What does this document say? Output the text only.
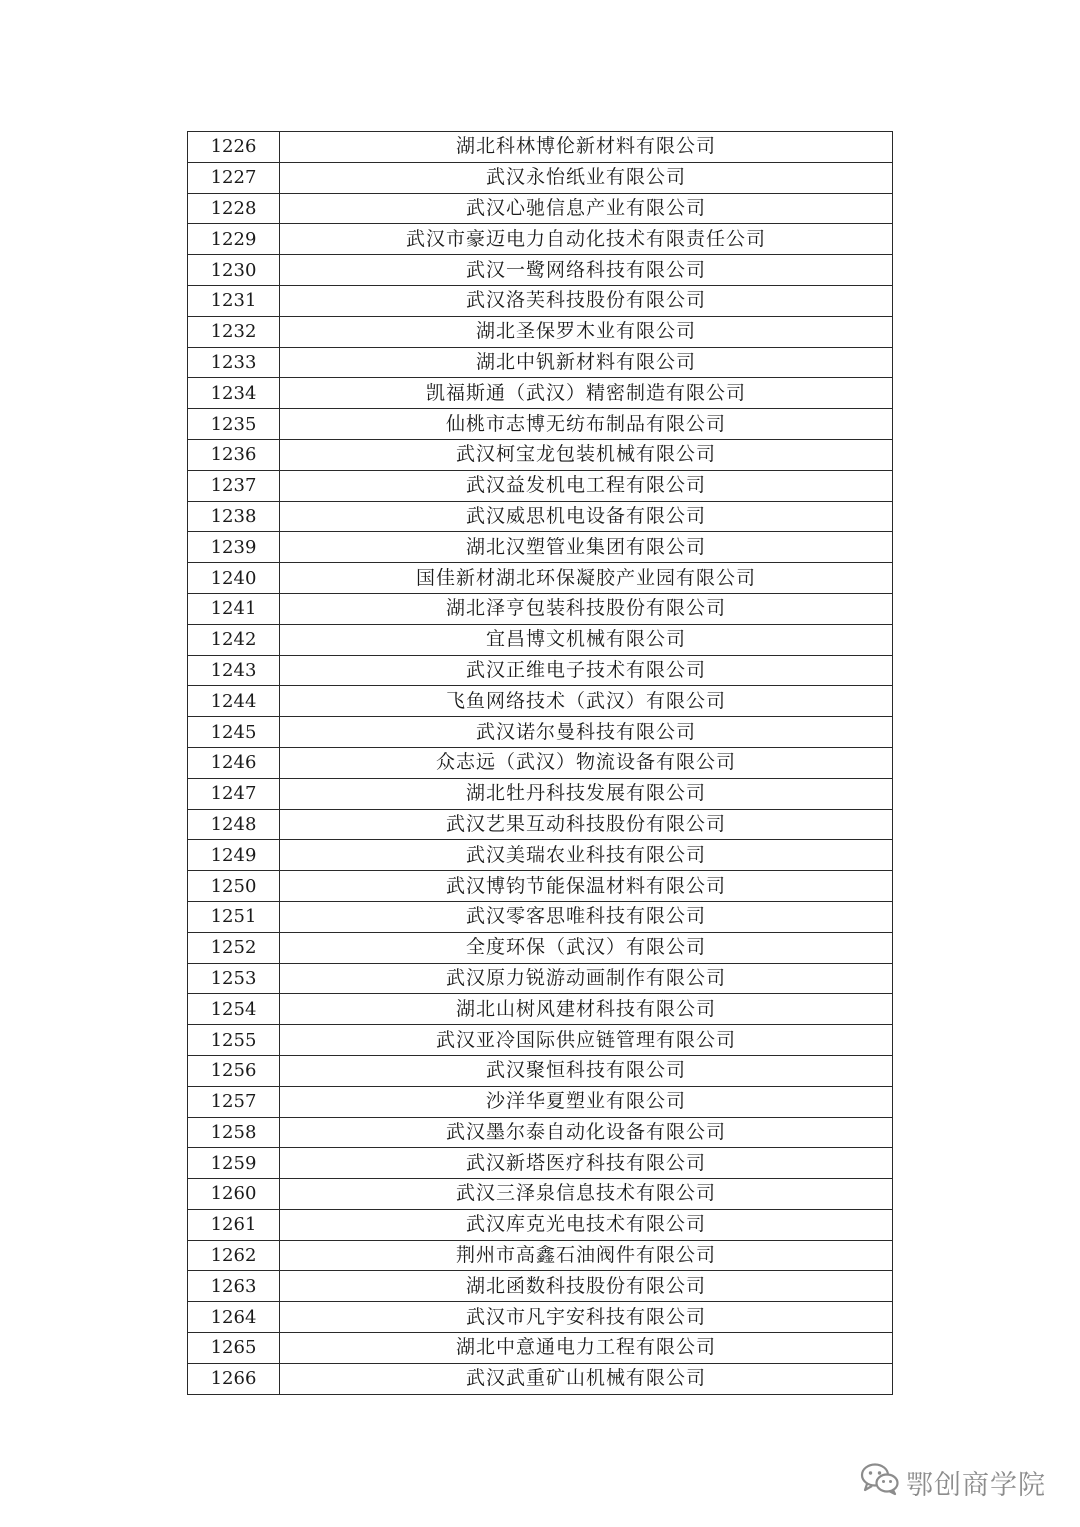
1226	湖北科林博伦新材料有限公司
1227	武汉永怡纸业有限公司
1228	武汉心驰信息产业有限公司
1229	武汉市豪迈电力自动化技术有限责任公司
1230	武汉一鹭网络科技有限公司
1231	武汉洛芙科技股份有限公司
1232	湖北圣保罗木业有限公司
1233	湖北中钒新材料有限公司
1234	凯福斯通（武汉）精密制造有限公司
1235	仙桃市志博无纺布制品有限公司
1236	武汉柯宝龙包装机械有限公司
1237	武汉益发机电工程有限公司
1238	武汉威思机电设备有限公司
1239	湖北汉塑管业集团有限公司
1240	国佳新材湖北环保凝胶产业园有限公司
1241	湖北泽亨包装科技股份有限公司
1242	宜昌博文机械有限公司
1243	武汉正维电子技术有限公司
1244	飞鱼网络技术（武汉）有限公司
1245	武汉诺尔曼科技有限公司
1246	众志远（武汉）物流设备有限公司
1247	湖北牡丹科技发展有限公司
1248	武汉艺果互动科技股份有限公司
1249	武汉美瑞农业科技有限公司
1250	武汉博钧节能保温材料有限公司
1251	武汉零客思唯科技有限公司
1252	全度环保（武汉）有限公司
1253	武汉原力锐游动画制作有限公司
1254	湖北山树风建材科技有限公司
1255	武汉亚冷国际供应链管理有限公司
1256	武汉聚恒科技有限公司
1257	沙洋华夏塑业有限公司
1258	武汉墨尔泰自动化设备有限公司
1259	武汉新塔医疗科技有限公司
1260	武汉三泽泉信息技术有限公司
1261	武汉库克光电技术有限公司
1262	荆州市高鑫石油阀件有限公司
1263	湖北函数科技股份有限公司
1264	武汉市凡宇安科技有限公司
1265	湖北中意通电力工程有限公司
1266	武汉武重矿山机械有限公司
鄂创商学院
